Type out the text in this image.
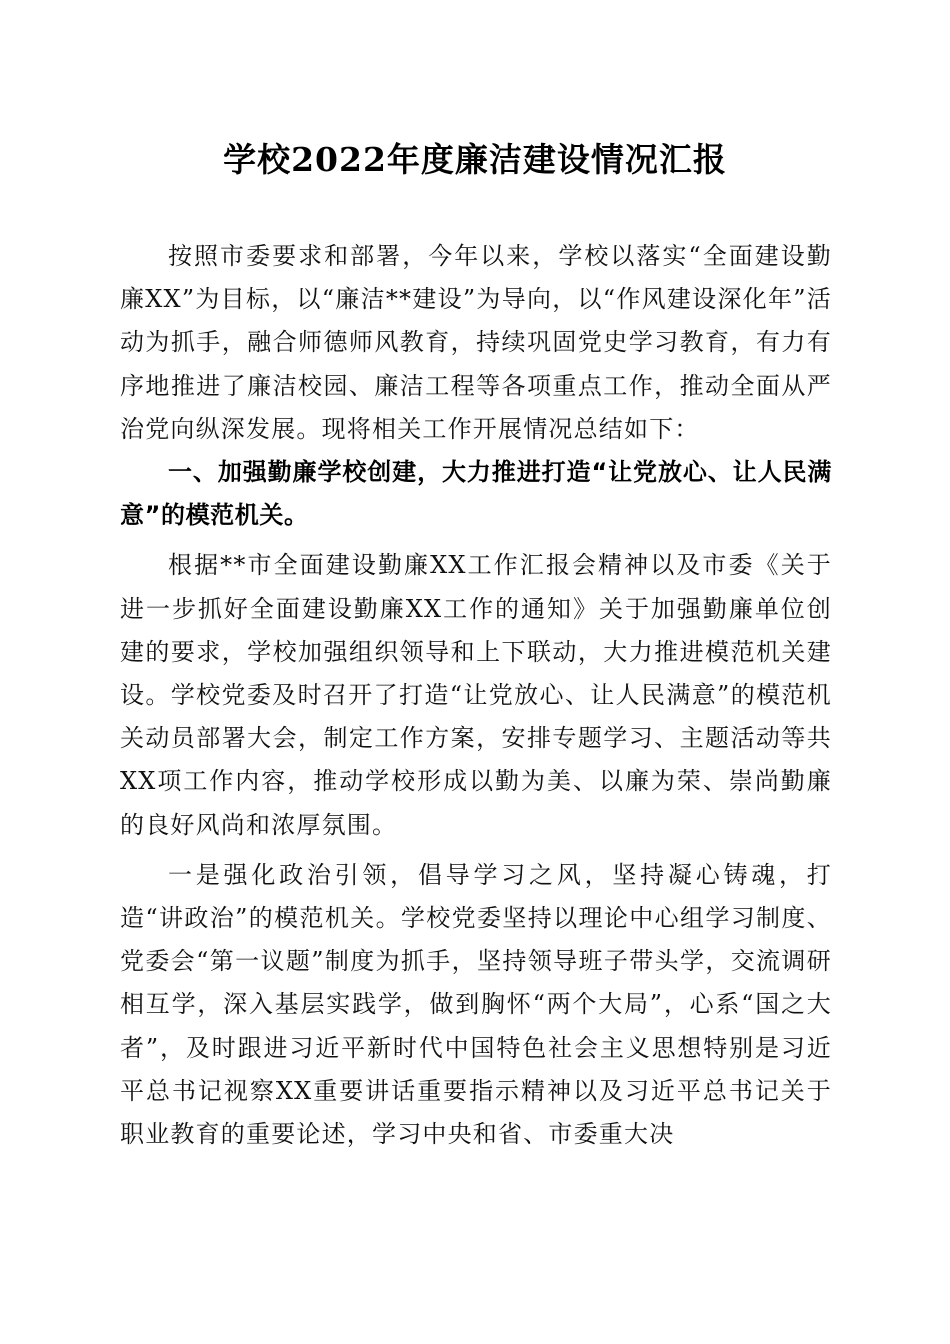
学校2022年度廉洁建设情况汇报

按照市委要求和部署，今年以来，学校以落实“全面建设勤廉XX”为目标，以“廉洁**建设”为导向，以“作风建设深化年”活动为抓手，融合师德师风教育，持续巩固党史学习教育，有力有序地推进了廉洁校园、廉洁工程等各项重点工作，推动全面从严治党向纵深发展。现将相关工作开展情况总结如下：

一、加强勤廉学校创建，大力推进打造“让党放心、让人民满意”的模范机关。

根据**市全面建设勤廉XX工作汇报会精神以及市委《关于进一步抓好全面建设勤廉XX工作的通知》关于加强勤廉单位创建的要求，学校加强组织领导和上下联动，大力推进模范机关建设。学校党委及时召开了打造“让党放心、让人民满意”的模范机关动员部署大会，制定工作方案，安排专题学习、主题活动等共XX项工作内容，推动学校形成以勤为美、以廉为荣、崇尚勤廉的良好风尚和浓厚氛围。

一是强化政治引领，倡导学习之风，坚持凝心铸魂，打造“讲政治”的模范机关。学校党委坚持以理论中心组学习制度、党委会“第一议题”制度为抓手，坚持领导班子带头学，交流调研相互学，深入基层实践学，做到胸怀“两个大局”，心系“国之大者”，及时跟进习近平新时代中国特色社会主义思想特别是习近平总书记视察XX重要讲话重要指示精神以及习近平总书记关于职业教育的重要论述，学习中央和省、市委重大决
